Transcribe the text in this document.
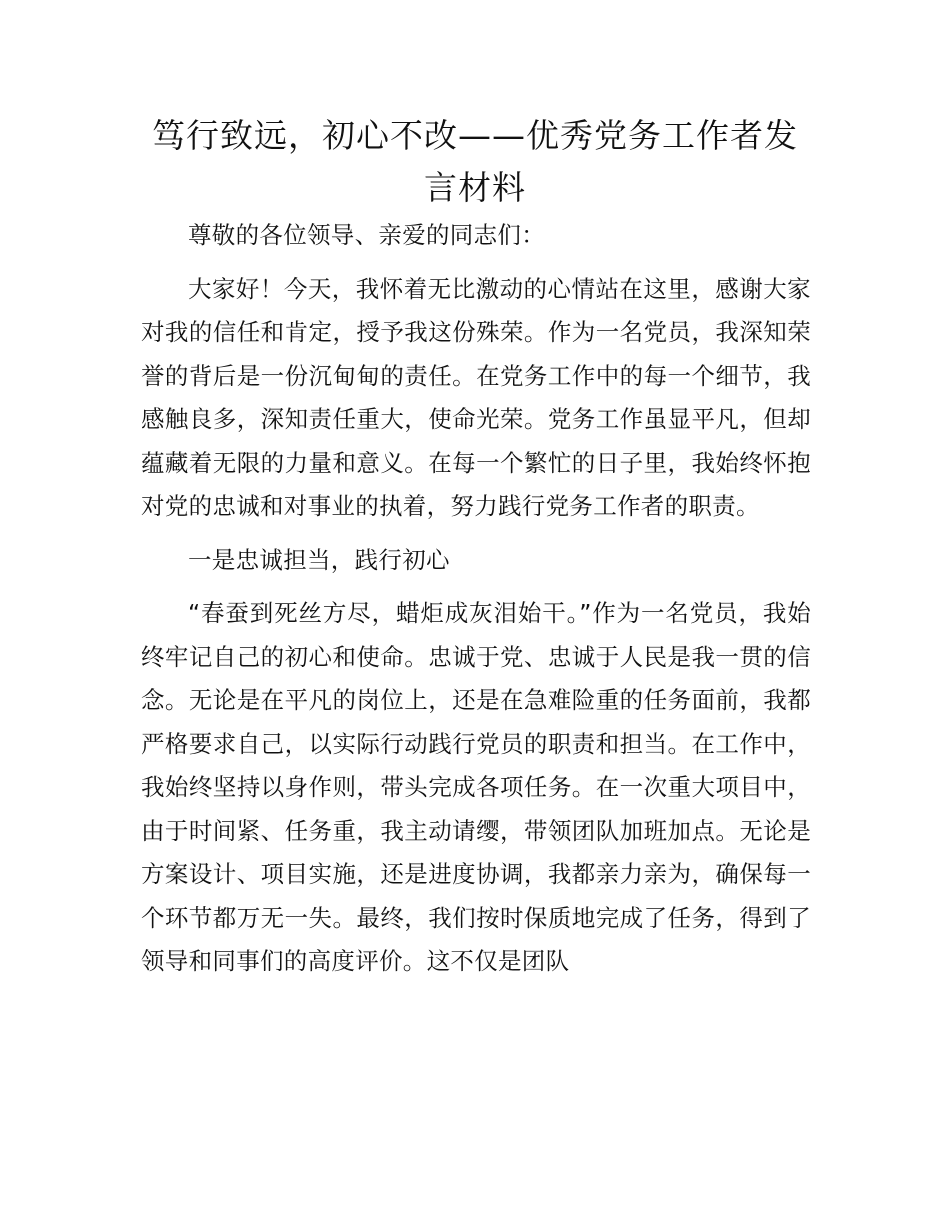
笃行致远，初心不改——优秀党务工作者发言材料

尊敬的各位领导、亲爱的同志们：

大家好！今天，我怀着无比激动的心情站在这里，感谢大家对我的信任和肯定，授予我这份殊荣。作为一名党员，我深知荣誉的背后是一份沉甸甸的责任。在党务工作中的每一个细节，我感触良多，深知责任重大，使命光荣。党务工作虽显平凡，但却蕴藏着无限的力量和意义。在每一个繁忙的日子里，我始终怀抱对党的忠诚和对事业的执着，努力践行党务工作者的职责。

一是忠诚担当，践行初心

“春蚕到死丝方尽，蜡炬成灰泪始干。”作为一名党员，我始终牢记自己的初心和使命。忠诚于党、忠诚于人民是我一贯的信念。无论是在平凡的岗位上，还是在急难险重的任务面前，我都严格要求自己，以实际行动践行党员的职责和担当。在工作中，我始终坚持以身作则，带头完成各项任务。在一次重大项目中，由于时间紧、任务重，我主动请缨，带领团队加班加点。无论是方案设计、项目实施，还是进度协调，我都亲力亲为，确保每一个环节都万无一失。最终，我们按时保质地完成了任务，得到了领导和同事们的高度评价。这不仅是团队
